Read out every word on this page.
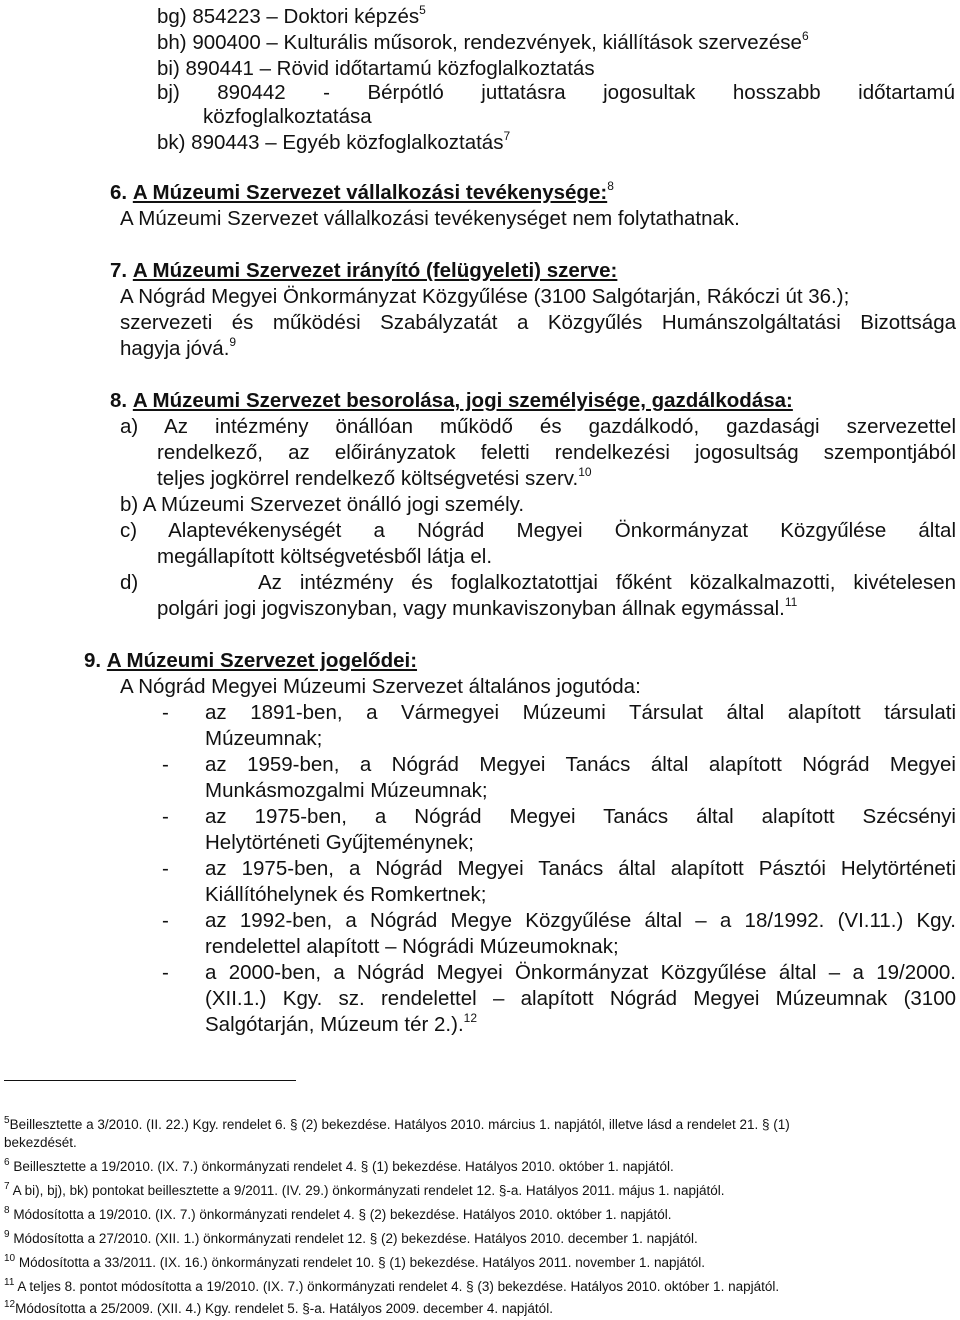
bg) 854223 – Doktori képzés$^5$
bh) 900400 – Kulturális műsorok, rendezvények, kiállítások szervezése$^6$
bi) 890441 – Rövid időtartamú közfoglalkoztatás
bj) 890442 - Bérpótló juttatásra jogosultak hosszabb időtartamú
közfoglalkoztatása
bk) 890443 – Egyéb közfoglalkoztatás$^7$
6. A Múzeumi Szervezet vállalkozási tevékenysége:$^8$
A Múzeumi Szervezet vállalkozási tevékenységet nem folytathatnak.
7. A Múzeumi Szervezet irányító (felügyeleti) szerve:
A Nógrád Megyei Önkormányzat Közgyűlése (3100 Salgótarján, Rákóczi út 36.);
szervezeti és működési Szabályzatát a Közgyűlés Humánszolgáltatási Bizottsága
hagyja jóvá.$^9$
8. A Múzeumi Szervezet besorolása, jogi személyisége, gazdálkodása:
a) Az intézmény önállóan működő és gazdálkodó, gazdasági szervezettel
rendelkező, az előirányzatok feletti rendelkezési jogosultság szempontjából
teljes jogkörrel rendelkező költségvetési szerv.$^{10}$
b) A Múzeumi Szervezet önálló jogi személy.
c) Alaptevékenységét a Nógrád Megyei Önkormányzat Közgyűlése által
megállapított költségvetésből látja el.
d)	Az intézmény és foglalkoztatottjai főként közalkalmazotti, kivételesen
polgári jogi jogviszonyban, vagy munkaviszonyban állnak egymással.$^{11}$
9. A Múzeumi Szervezet jogelődei:
A Nógrád Megyei Múzeumi Szervezet általános jogutóda:
- az 1891-ben, a Vármegyei Múzeumi Társulat által alapított társulati
Múzeumnak;
- az 1959-ben, a Nógrád Megyei Tanács által alapított Nógrád Megyei
Munkásmozgalmi Múzeumnak;
- az 1975-ben, a Nógrád Megyei Tanács által alapított Szécsényi
Helytörténeti Gyűjteménynek;
- az 1975-ben, a Nógrád Megyei Tanács által alapított Pásztói Helytörténeti
Kiállítóhelynek és Romkertnek;
- az 1992-ben, a Nógrád Megye Közgyűlése által – a 18/1992. (VI.11.) Kgy.
rendelettel alapított – Nógrádi Múzeumoknak;
- a 2000-ben, a Nógrád Megyei Önkormányzat Közgyűlése által – a 19/2000.
(XII.1.) Kgy. sz. rendelettel – alapított Nógrád Megyei Múzeumnak (3100
Salgótarján, Múzeum tér 2.).$^{12}$
$^5$Beillesztette a 3/2010. (II. 22.) Kgy. rendelet 6. § (2) bekezdése. Hatályos 2010. március 1. napjától, illetve lásd a rendelet 21. § (1)
bekezdését.
$^6$ Beillesztette a 19/2010. (IX. 7.) önkormányzati rendelet 4. § (1) bekezdése. Hatályos 2010. október 1. napjától.
$^7$ A bi), bj), bk) pontokat beillesztette a 9/2011. (IV. 29.) önkormányzati rendelet 12. §-a. Hatályos 2011. május 1. napjától.
$^8$ Módosította a 19/2010. (IX. 7.) önkormányzati rendelet 4. § (2) bekezdése. Hatályos 2010. október 1. napjától.
$^9$ Módosította a 27/2010. (XII. 1.) önkormányzati rendelet 12. § (2) bekezdése. Hatályos 2010. december 1. napjától.
$^{10}$ Módosította a 33/2011. (IX. 16.) önkormányzati rendelet 10. § (1) bekezdése. Hatályos 2011. november 1. napjától.
$^{11}$ A teljes 8. pontot módosította a 19/2010. (IX. 7.) önkormányzati rendelet 4. § (3) bekezdése. Hatályos 2010. október 1. napjától.
$^{12}$Módosította a 25/2009. (XII. 4.) Kgy. rendelet 5. §-a. Hatályos 2009. december 4. napjától.
